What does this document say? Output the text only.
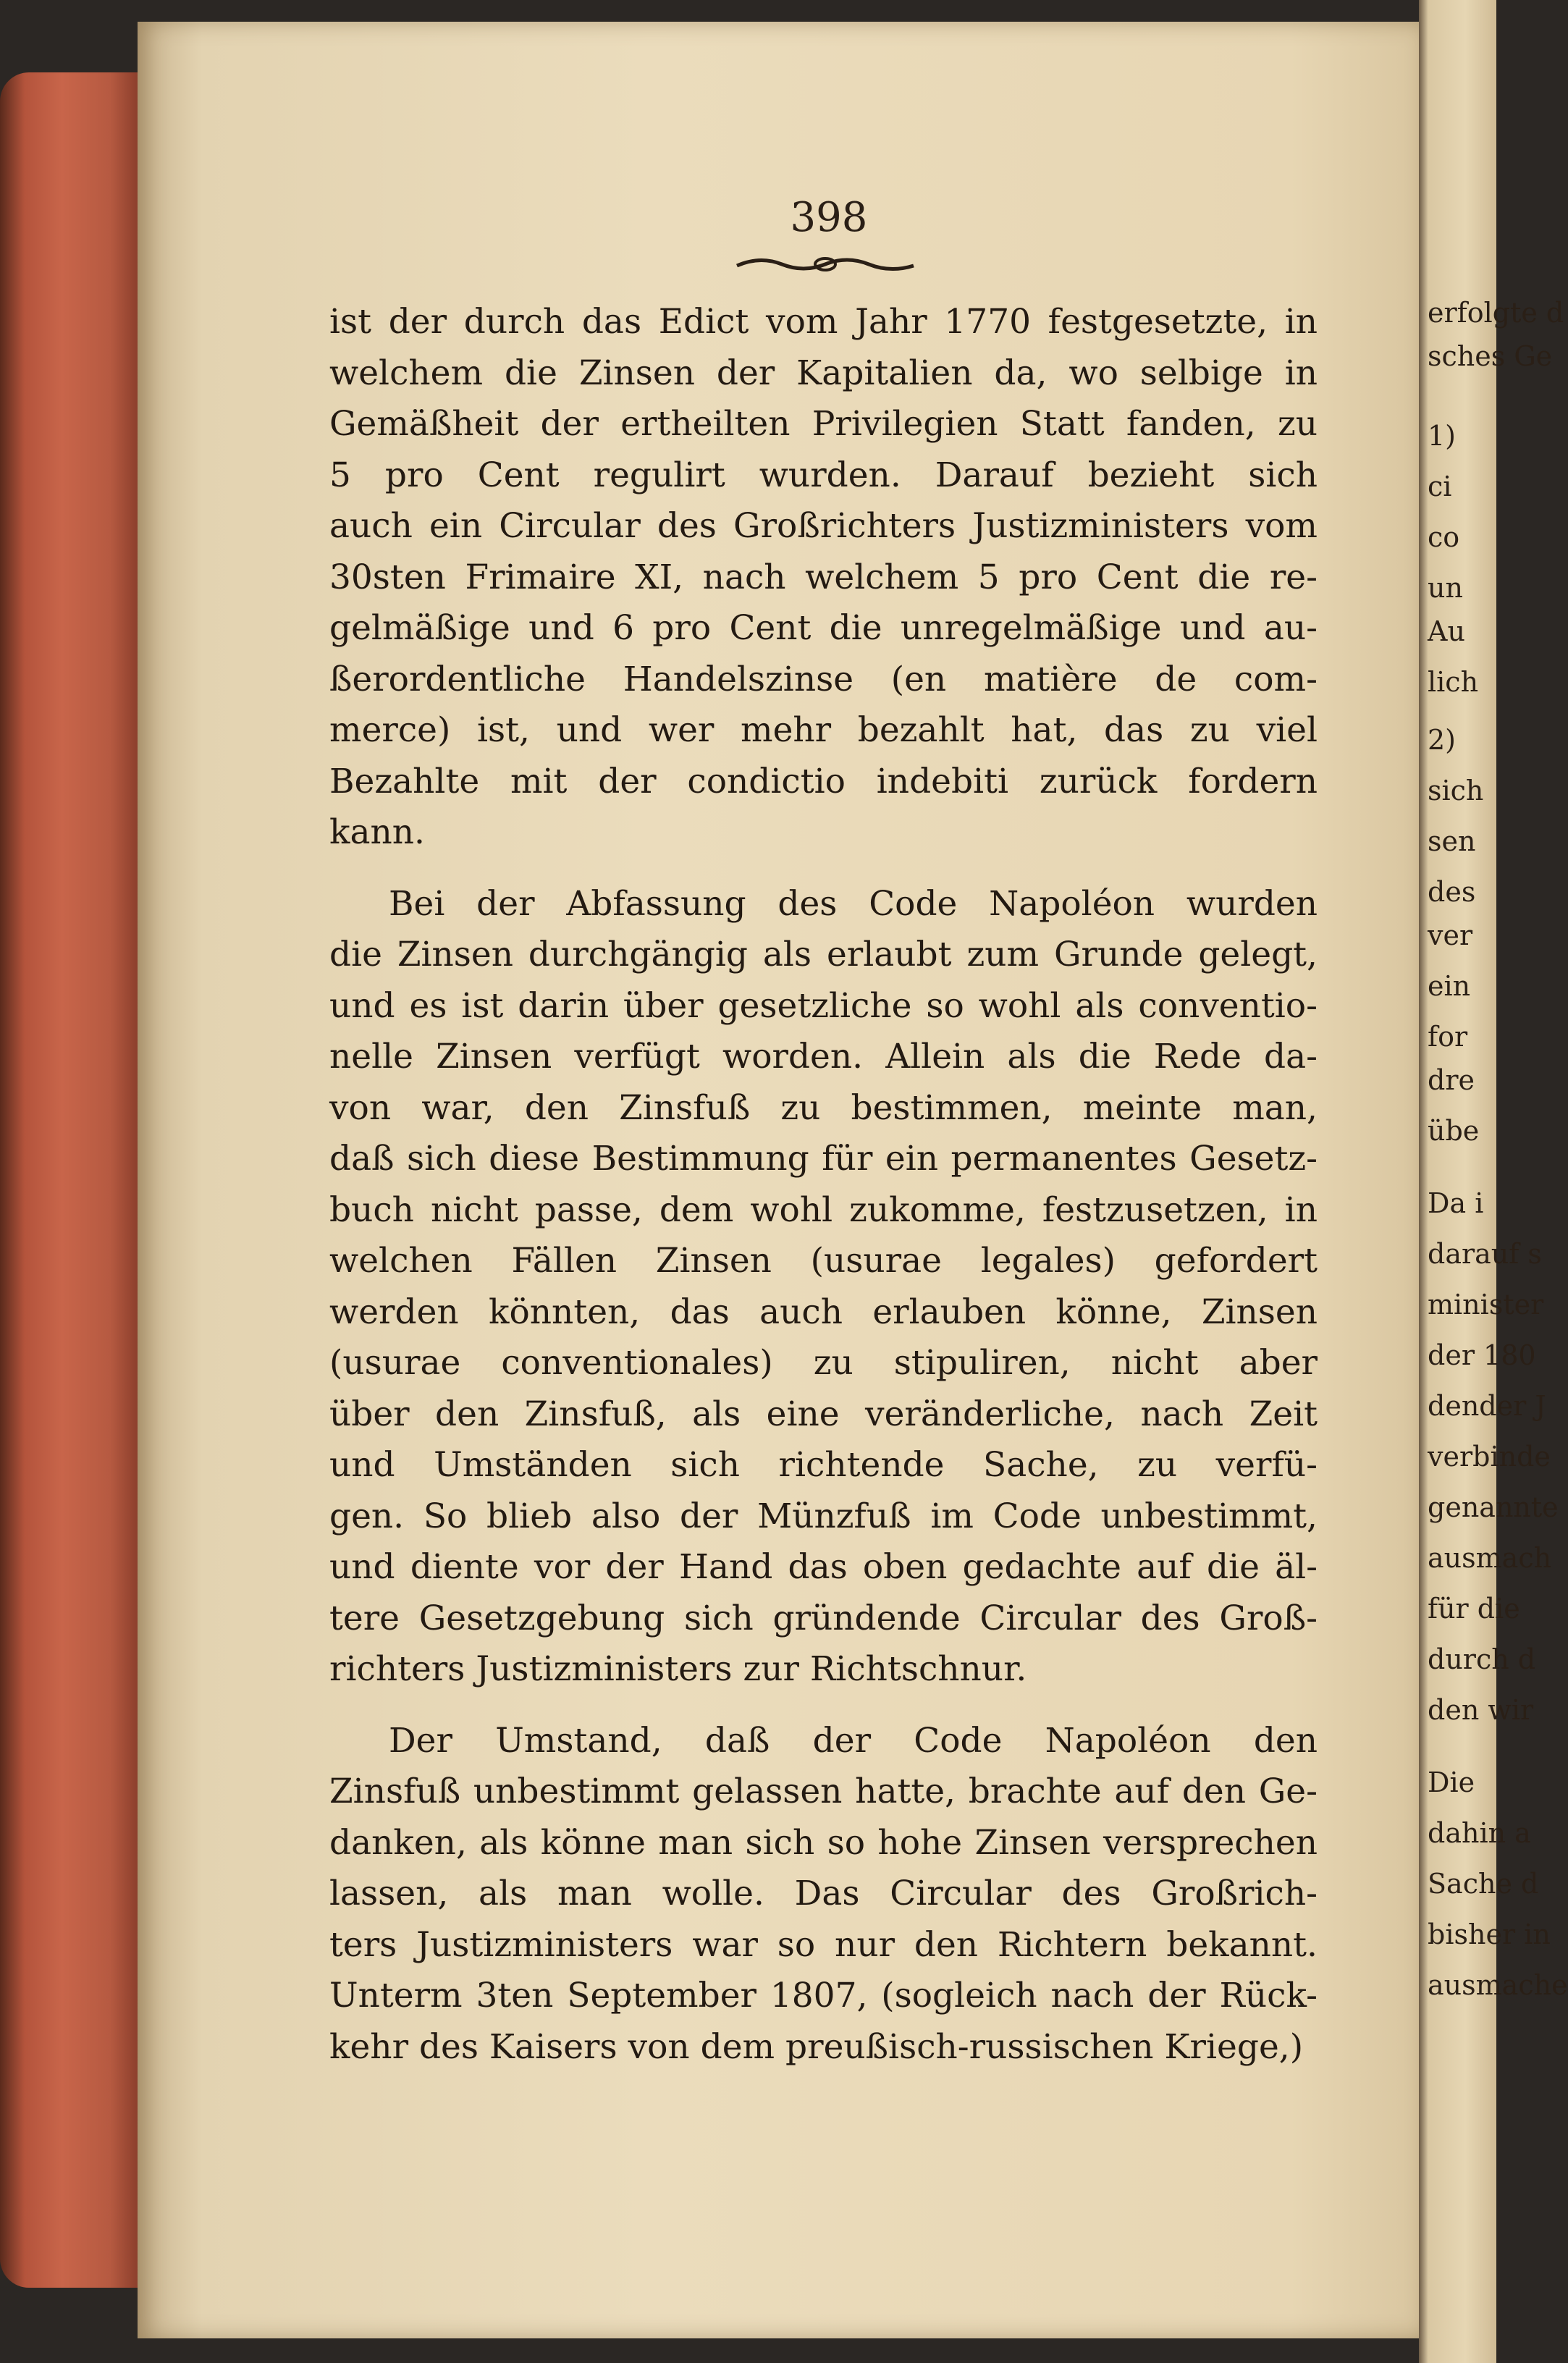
398
ist der durch das Edict vom Jahr 1770 festgesetzte, in
welchem die Zinsen der Kapitalien da, wo selbige in
Gemäßheit der ertheilten Privilegien Statt fanden, zu
5 pro Cent regulirt wurden. Darauf bezieht sich
auch ein Circular des Großrichters Justizministers vom
30sten Frimaire XI, nach welchem 5 pro Cent die re-
gelmäßige und 6 pro Cent die unregelmäßige und au-
ßerordentliche Handelszinse (en matière de com-
merce) ist, und wer mehr bezahlt hat, das zu viel
Bezahlte mit der condictio indebiti zurück fordern
kann.
Bei der Abfassung des Code Napoléon wurden
die Zinsen durchgängig als erlaubt zum Grunde gelegt,
und es ist darin über gesetzliche so wohl als conventio-
nelle Zinsen verfügt worden. Allein als die Rede da-
von war, den Zinsfuß zu bestimmen, meinte man,
daß sich diese Bestimmung für ein permanentes Gesetz-
buch nicht passe, dem wohl zukomme, festzusetzen, in
welchen Fällen Zinsen (usurae legales) gefordert
werden könnten, das auch erlauben könne, Zinsen
(usurae conventionales) zu stipuliren, nicht aber
über den Zinsfuß, als eine veränderliche, nach Zeit
und Umständen sich richtende Sache, zu verfü-
gen. So blieb also der Münzfuß im Code unbestimmt,
und diente vor der Hand das oben gedachte auf die äl-
tere Gesetzgebung sich gründende Circular des Groß-
richters Justizministers zur Richtschnur.
Der Umstand, daß der Code Napoléon den
Zinsfuß unbestimmt gelassen hatte, brachte auf den Ge-
danken, als könne man sich so hohe Zinsen versprechen
lassen, als man wolle. Das Circular des Großrich-
ters Justizministers war so nur den Richtern bekannt.
Unterm 3ten September 1807, (sogleich nach der Rück-
kehr des Kaisers von dem preußisch-russischen Kriege,)
erfolgte d
sches Ge
1)
ci
co
un
Au
lich
2)
sich
sen
des
ver
ein
for
dre
übe
Da i
darauf s
minister
der 180
dender J
verbinde
genannte
ausmach
für die
durch d
den wir
Die
dahin a
Sache d
bisher in
ausmache
